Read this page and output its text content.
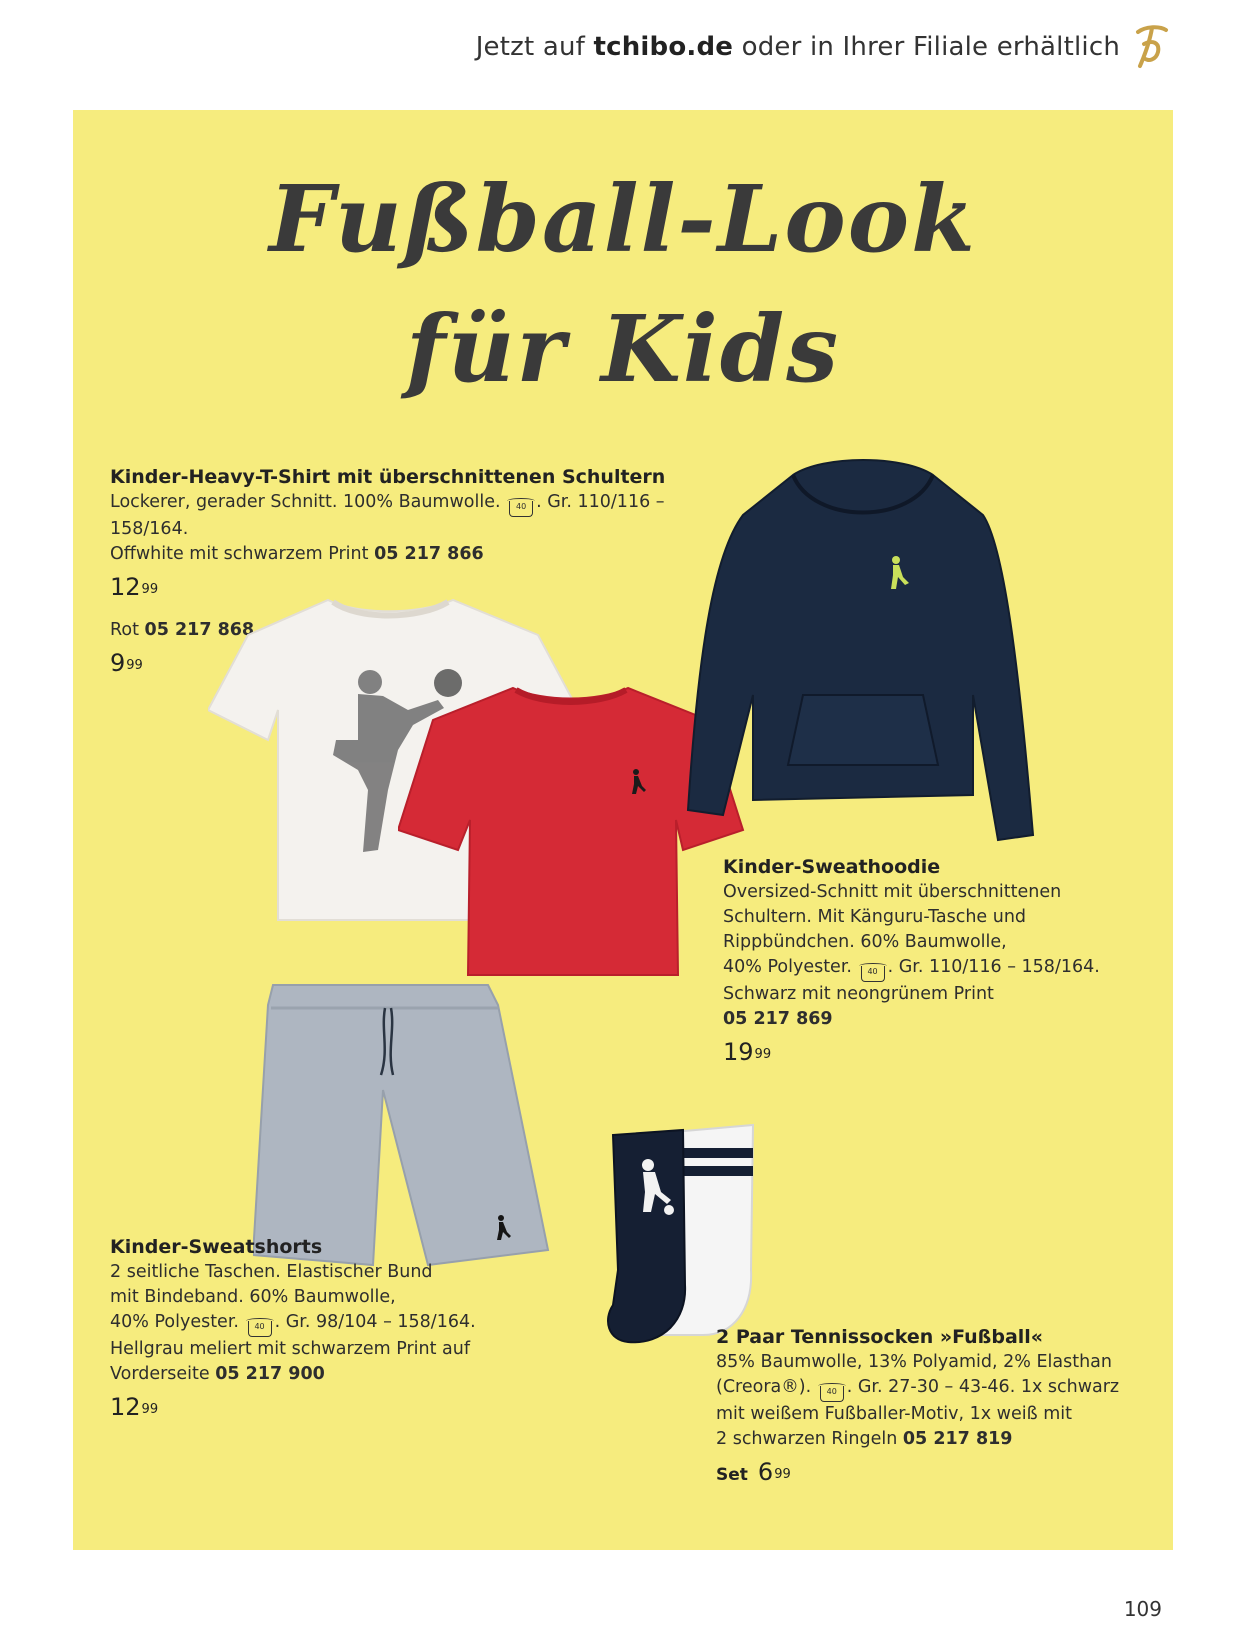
Jetzt auf tchibo.de oder in Ihrer Filiale erhältlich
Fußball-Look
für Kids
Kinder-Heavy-T-Shirt mit überschnittenen Schultern
Lockerer, gerader Schnitt. 100% Baumwolle. 40 . Gr. 110/116 – 158/164.
Offwhite mit schwarzem Print 05 217 866
$12^{99}$
Rot 05 217 868
$9^{99}$
Kinder-Sweathoodie
Oversized-Schnitt mit überschnittenen
Schultern. Mit Känguru-Tasche und
Rippbündchen. 60% Baumwolle,
40% Polyester. 40 . Gr. 110/116 – 158/164.
Schwarz mit neongrünem Print
05 217 869
$19^{99}$
Kinder-Sweatshorts
2 seitliche Taschen. Elastischer Bund
mit Bindeband. 60% Baumwolle,
40% Polyester. 40 . Gr. 98/104 – 158/164.
Hellgrau meliert mit schwarzem Print auf
Vorderseite 05 217 900
$12^{99}$
2 Paar Tennissocken »Fußball«
85% Baumwolle, 13% Polyamid, 2% Elasthan
(Creora®). 40 . Gr. 27-30 – 43-46. 1x schwarz
mit weißem Fußballer-Motiv, 1x weiß mit
2 schwarzen Ringeln 05 217 819
Set $6^{99}$
109
